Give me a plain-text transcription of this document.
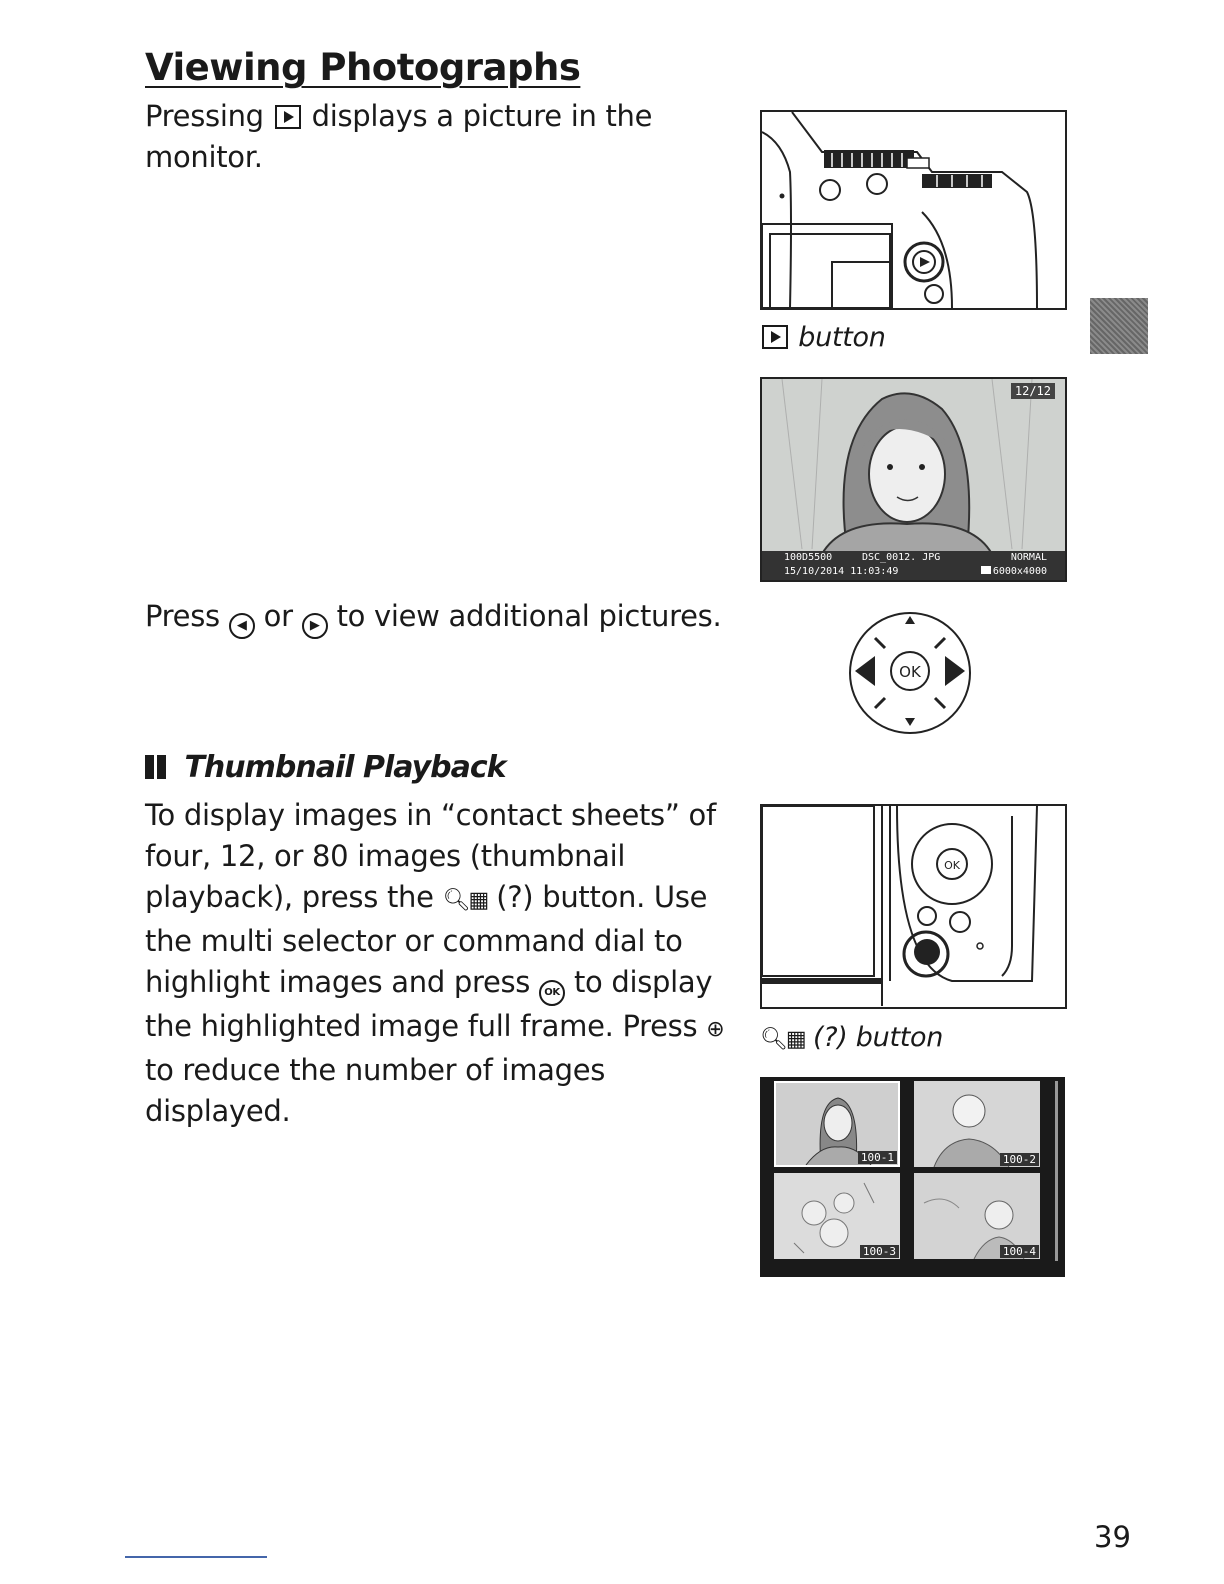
Viewing Photographs
Pressing displays a picture in the monitor.
button
12/12
100D5500	DSC_0012. JPG	NORMAL
15/10/2014 11:03:49	6000x4000
Press ◀ or ▶ to view additional pictures.
OK
Thumbnail Playback
To display images in “contact sheets” of four, 12, or 80 images (thumbnail playback), press the 🔍︎▦ (?) button. Use the multi selector or command dial to highlight images and press OK to display the highlighted image full frame. Press ⊕ to reduce the number of images displayed.
OK
🔍︎▦ (?) button
100-1	100-2
100-3	100-4
39
